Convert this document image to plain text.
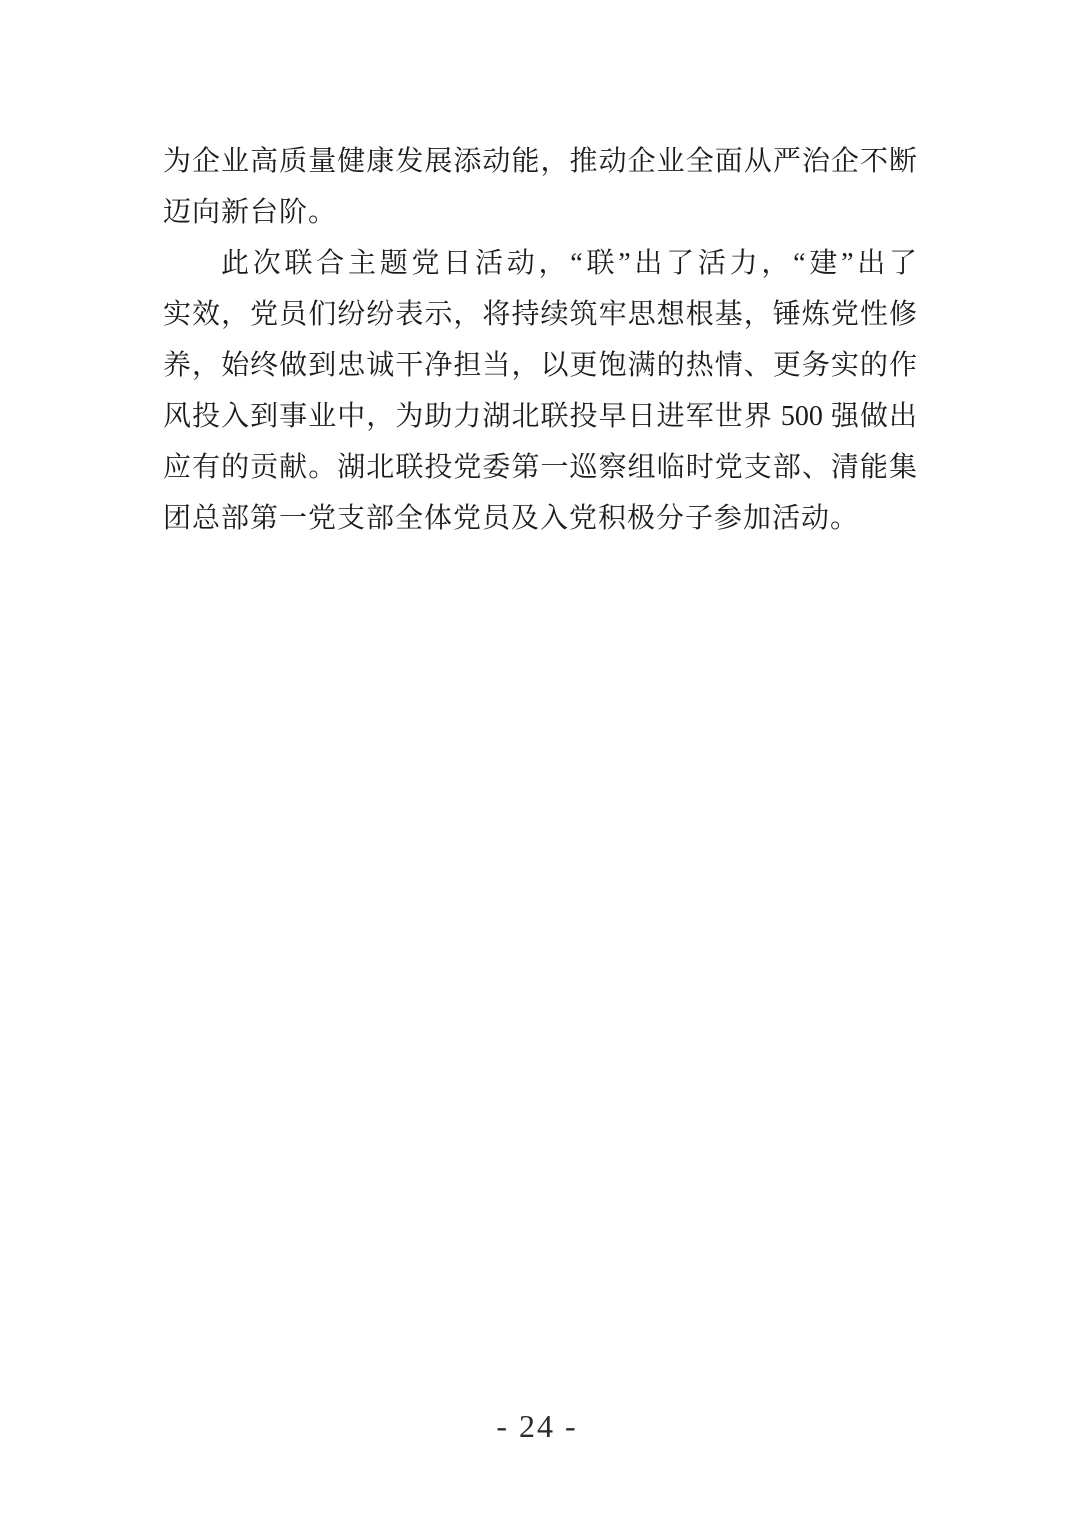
为企业高质量健康发展添动能，推动企业全面从严治企不断

迈向新台阶。

此次联合主题党日活动，“联”出了活力，“建”出了

实效，党员们纷纷表示，将持续筑牢思想根基，锤炼党性修

养，始终做到忠诚干净担当，以更饱满的热情、更务实的作

风投入到事业中，为助力湖北联投早日进军世界 500 强做出

应有的贡献。湖北联投党委第一巡察组临时党支部、清能集

团总部第一党支部全体党员及入党积极分子参加活动。

- 24 -
